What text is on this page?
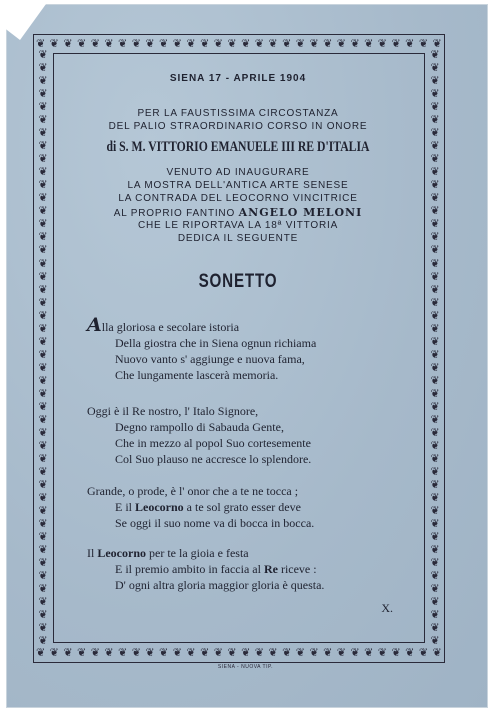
❦ ❦ ❦ ❦ ❦ ❦ ❦ ❦ ❦ ❦ ❦ ❦ ❦ ❦ ❦ ❦ ❦ ❦ ❦ ❦ ❦ ❦ ❦ ❦ ❦ ❦ ❦ ❦ ❦ ❦
❦ ❦ ❦ ❦ ❦ ❦ ❦ ❦ ❦ ❦ ❦ ❦ ❦ ❦ ❦ ❦ ❦ ❦ ❦ ❦ ❦ ❦ ❦ ❦ ❦ ❦ ❦ ❦ ❦ ❦
❦
❦
❦
❦
❦
❦
❦
❦
❦
❦
❦
❦
❦
❦
❦
❦
❦
❦
❦
❦
❦
❦
❦
❦
❦
❦
❦
❦
❦
❦
❦
❦
❦
❦
❦
❦
❦
❦
❦
❦
❦
❦
❦
❦
❦
❦
❦
❦
❦
❦
❦
❦
❦
❦
❦
❦
❦
❦
❦
❦
❦
❦
❦
❦
❦
❦
❦
❦
❦
❦
❦
❦
❦
❦
❦
❦
❦
❦
❦
❦
❦
❦
❦
❦
❦
❦
❦
❦
❦
❦
❦
❦
SIENA 17 - APRILE 1904
PER LA FAUSTISSIMA CIRCOSTANZA
DEL PALIO STRAORDINARIO CORSO IN ONORE
di S. M. VITTORIO EMANUELE III RE D'ITALIA
VENUTO AD INAUGURARE
LA MOSTRA DELL'ANTICA ARTE SENESE
LA CONTRADA DEL LEOCORNO VINCITRICE
AL PROPRIO FANTINO ANGELO MELONI
CHE LE RIPORTAVA LA 18ª VITTORIA
DEDICA IL SEGUENTE
SONETTO
Alla gloriosa e secolare istoria
Della giostra che in Siena ognun richiama
Nuovo vanto s' aggiunge e nuova fama,
Che lungamente lascerà memoria.
Oggi è il Re nostro, l' Italo Signore,
Degno rampollo di Sabauda Gente,
Che in mezzo al popol Suo cortesemente
Col Suo plauso ne accresce lo splendore.
Grande, o prode, è l' onor che a te ne tocca ;
E il Leocorno a te sol grato esser deve
Se oggi il suo nome va di bocca in bocca.
Il Leocorno per te la gioia e festa
E il premio ambito in faccia al Re riceve :
D' ogni altra gloria maggior gloria è questa.
X.
SIENA - NUOVA TIP.
